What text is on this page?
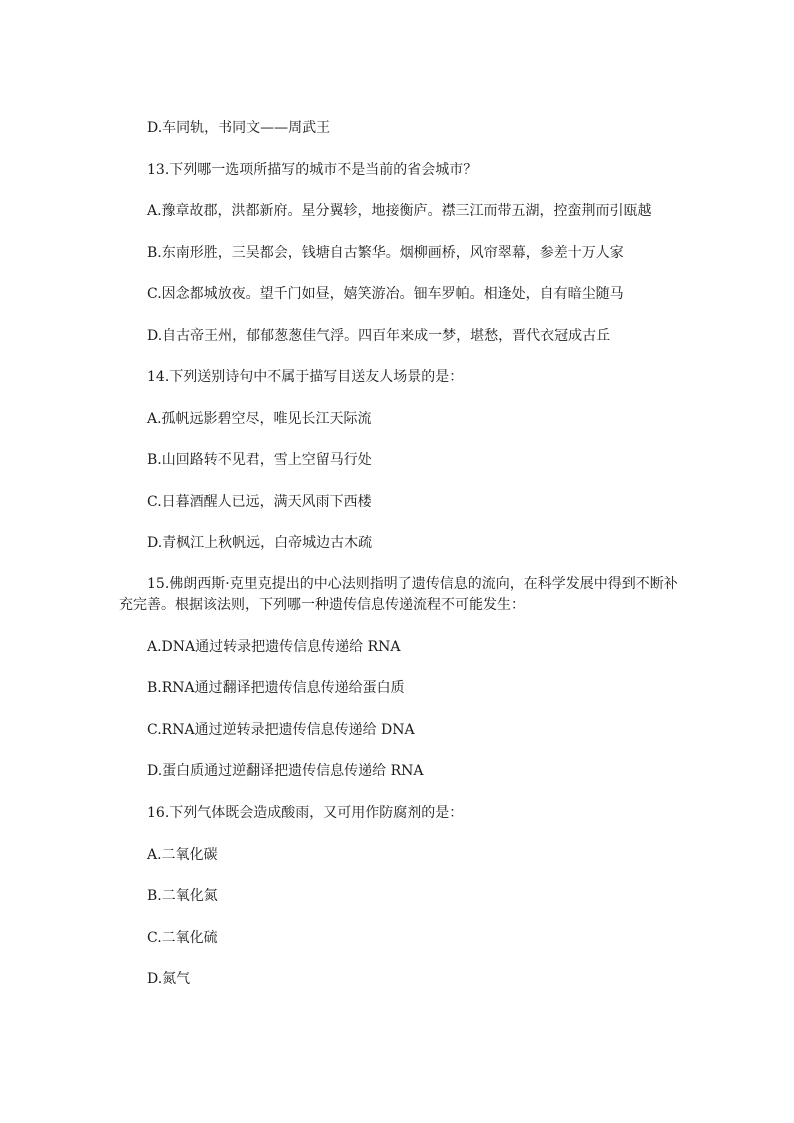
D.车同轨，书同文——周武王
13.下列哪一选项所描写的城市不是当前的省会城市？
A.豫章故郡，洪都新府。星分翼轸，地接衡庐。襟三江而带五湖，控蛮荆而引瓯越
B.东南形胜，三吴都会，钱塘自古繁华。烟柳画桥，风帘翠幕，参差十万人家
C.因念都城放夜。望千门如昼，嬉笑游冶。钿车罗帕。相逢处，自有暗尘随马
D.自古帝王州，郁郁葱葱佳气浮。四百年来成一梦，堪愁，晋代衣冠成古丘
14.下列送别诗句中不属于描写目送友人场景的是：
A.孤帆远影碧空尽，唯见长江天际流
B.山回路转不见君，雪上空留马行处
C.日暮酒醒人已远，满天风雨下西楼
D.青枫江上秋帆远，白帝城边古木疏
15.佛朗西斯·克里克提出的中心法则指明了遗传信息的流向，在科学发展中得到不断补充完善。根据该法则，下列哪一种遗传信息传递流程不可能发生：
A.DNA通过转录把遗传信息传递给 RNA
B.RNA通过翻译把遗传信息传递给蛋白质
C.RNA通过逆转录把遗传信息传递给 DNA
D.蛋白质通过逆翻译把遗传信息传递给 RNA
16.下列气体既会造成酸雨，又可用作防腐剂的是：
A.二氧化碳
B.二氧化氮
C.二氧化硫
D.氮气
